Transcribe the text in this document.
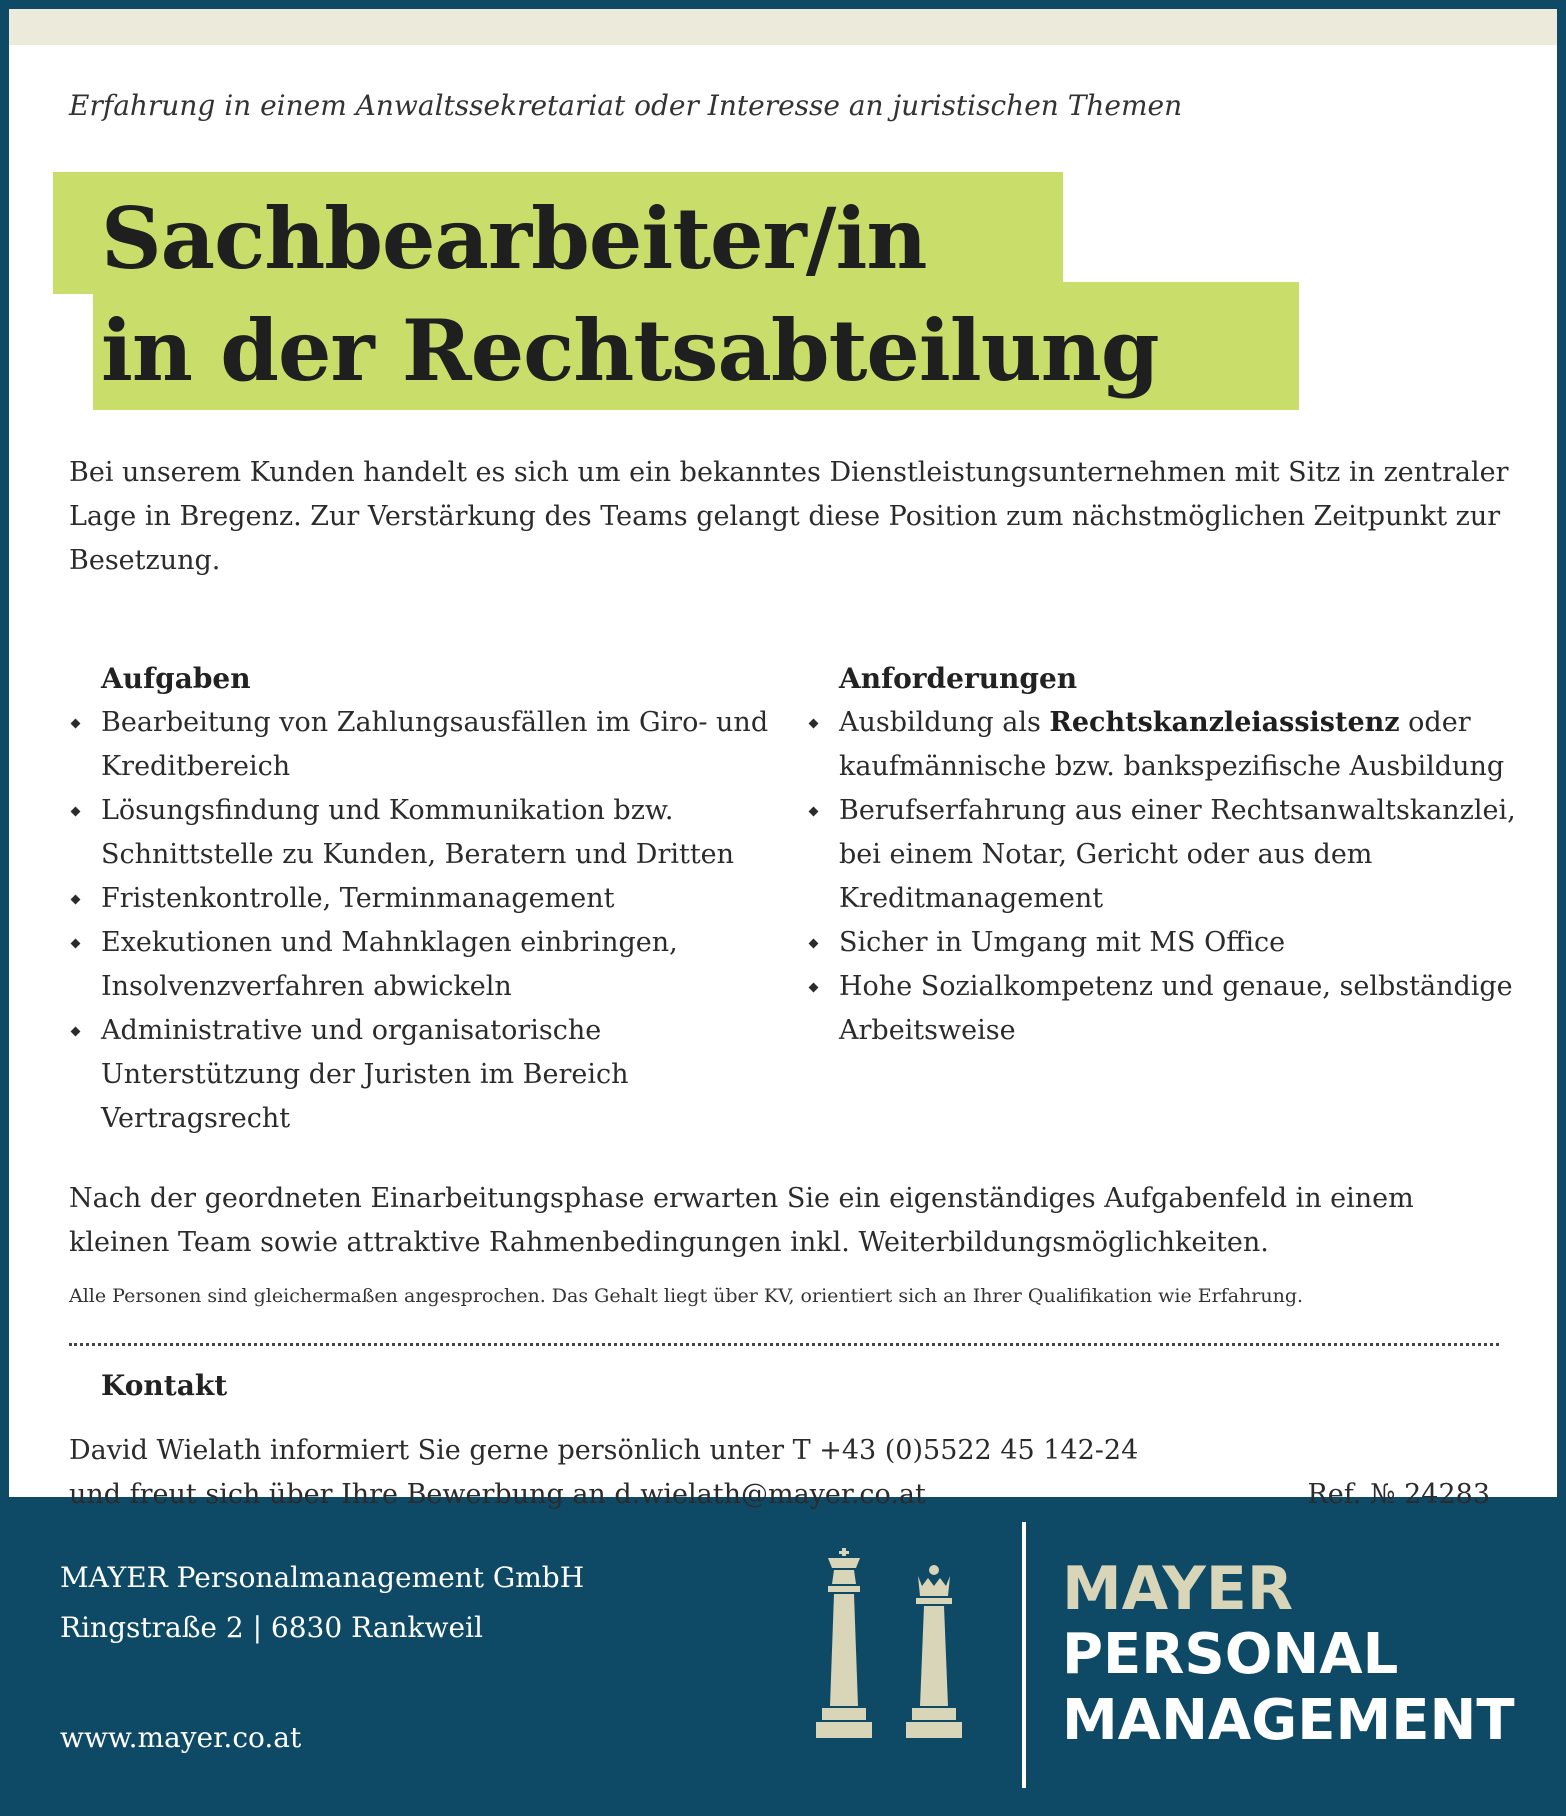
Erfahrung in einem Anwaltssekretariat oder Interesse an juristischen Themen

Sachbearbeiter/in
in der Rechtsabteilung

Bei unserem Kunden handelt es sich um ein bekanntes Dienstleistungsunternehmen mit Sitz in zentraler Lage in Bregenz. Zur Verstärkung des Teams gelangt diese Position zum nächstmöglichen Zeitpunkt zur Besetzung.

Aufgaben
Bearbeitung von Zahlungsausfällen im Giro- und Kreditbereich
Lösungsfindung und Kommunikation bzw. Schnittstelle zu Kunden, Beratern und Dritten
Fristenkontrolle, Terminmanagement
Exekutionen und Mahnklagen einbringen, Insolvenzverfahren abwickeln
Administrative und organisatorische Unterstützung der Juristen im Bereich Vertragsrecht
Anforderungen
Ausbildung als Rechtskanzleiassistenz oder kaufmännische bzw. bankspezifische Ausbildung
Berufserfahrung aus einer Rechtsanwaltskanzlei, bei einem Notar, Gericht oder aus dem Kreditmanagement
Sicher in Umgang mit MS Office
Hohe Sozialkompetenz und genaue, selbständige Arbeitsweise

Nach der geordneten Einarbeitungsphase erwarten Sie ein eigenständiges Aufgabenfeld in einem kleinen Team sowie attraktive Rahmenbedingungen inkl. Weiterbildungsmöglichkeiten.

Alle Personen sind gleichermaßen angesprochen. Das Gehalt liegt über KV, orientiert sich an Ihrer Qualifikation wie Erfahrung.

Kontakt

David Wielath informiert Sie gerne persönlich unter T +43 (0)5522 45 142-24

und freut sich über Ihre Bewerbung an d.wielath@mayer.co.at	Ref. № 24283

MAYER Personalmanagement GmbH

Ringstraße 2 | 6830 Rankweil

www.mayer.co.at

MAYER
PERSONAL
MANAGEMENT
